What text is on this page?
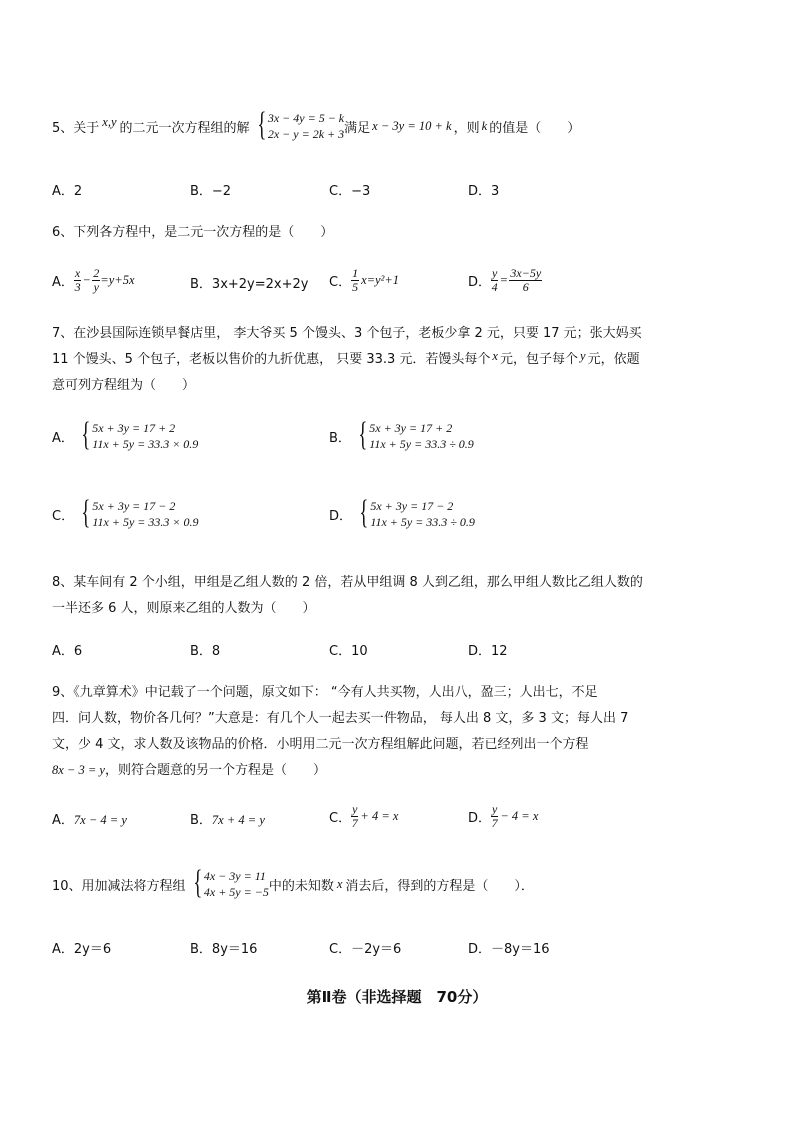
5、关于 x,y 的二元一次方程组的解 { 3x − 4y = 5 − k
2x − y = 2k + 3 满足 x − 3y = 10 + k ，则 k 的值是（　　）
A．2	B．−2	C．−3	D．3
6、下列各方程中，是二元一次方程的是（　　）
A． $\frac{x}{3} - \frac{2}{y} =y+5x$	B．3x+2y=2x+2y C． $\frac{1}{5} x=y^2+1$	D． $\frac{y}{4} = \frac{3x-5y}{6}$
7、在沙县国际连锁早餐店里， 李大爷买 5 个馒头、3 个包子，老板少拿 2 元，只要 17 元；张大妈买
11 个馒头、5 个包子，老板以售价的九折优惠， 只要 33.3 元．若馒头每个 x 元，包子每个 y 元，依题
意可列方程组为（　　）
A． { 5x + 3y = 17 + 2
11x + 5y = 33.3 × 0.9	B． { 5x + 3y = 17 + 2
11x + 5y = 33.3 ÷ 0.9
C． { 5x + 3y = 17 − 2
11x + 5y = 33.3 × 0.9	D． { 5x + 3y = 17 − 2
11x + 5y = 33.3 ÷ 0.9
8、某车间有 2 个小组，甲组是乙组人数的 2 倍，若从甲组调 8 人到乙组，那么甲组人数比乙组人数的
一半还多 6 人，则原来乙组的人数为（　　）
A．6	B．8	C．10	D．12
9、《九章算术》中记载了一个问题，原文如下： “今有人共买物，人出八，盈三；人出七，不足
四．问人数，物价各几何？”大意是：有几个人一起去买一件物品， 每人出 8 文，多 3 文；每人出 7
文，少 4 文，求人数及该物品的价格．小明用二元一次方程组解此问题，若已经列出一个方程
8x − 3 = y，则符合题意的另一个方程是（　　）
A．7x − 4 = y	B．7x + 4 = y	C． $\frac{y}{7} + 4 = x$	D． $\frac{y}{7} - 4 = x$
10、用加减法将方程组 { 4x − 3y = 11
4x + 5y = −5 中的未知数 x 消去后，得到的方程是（　　）．
A．2y＝6	B．8y＝16	C．－2y＝6	D．－8y＝16
第Ⅱ卷（非选择题　70分）
